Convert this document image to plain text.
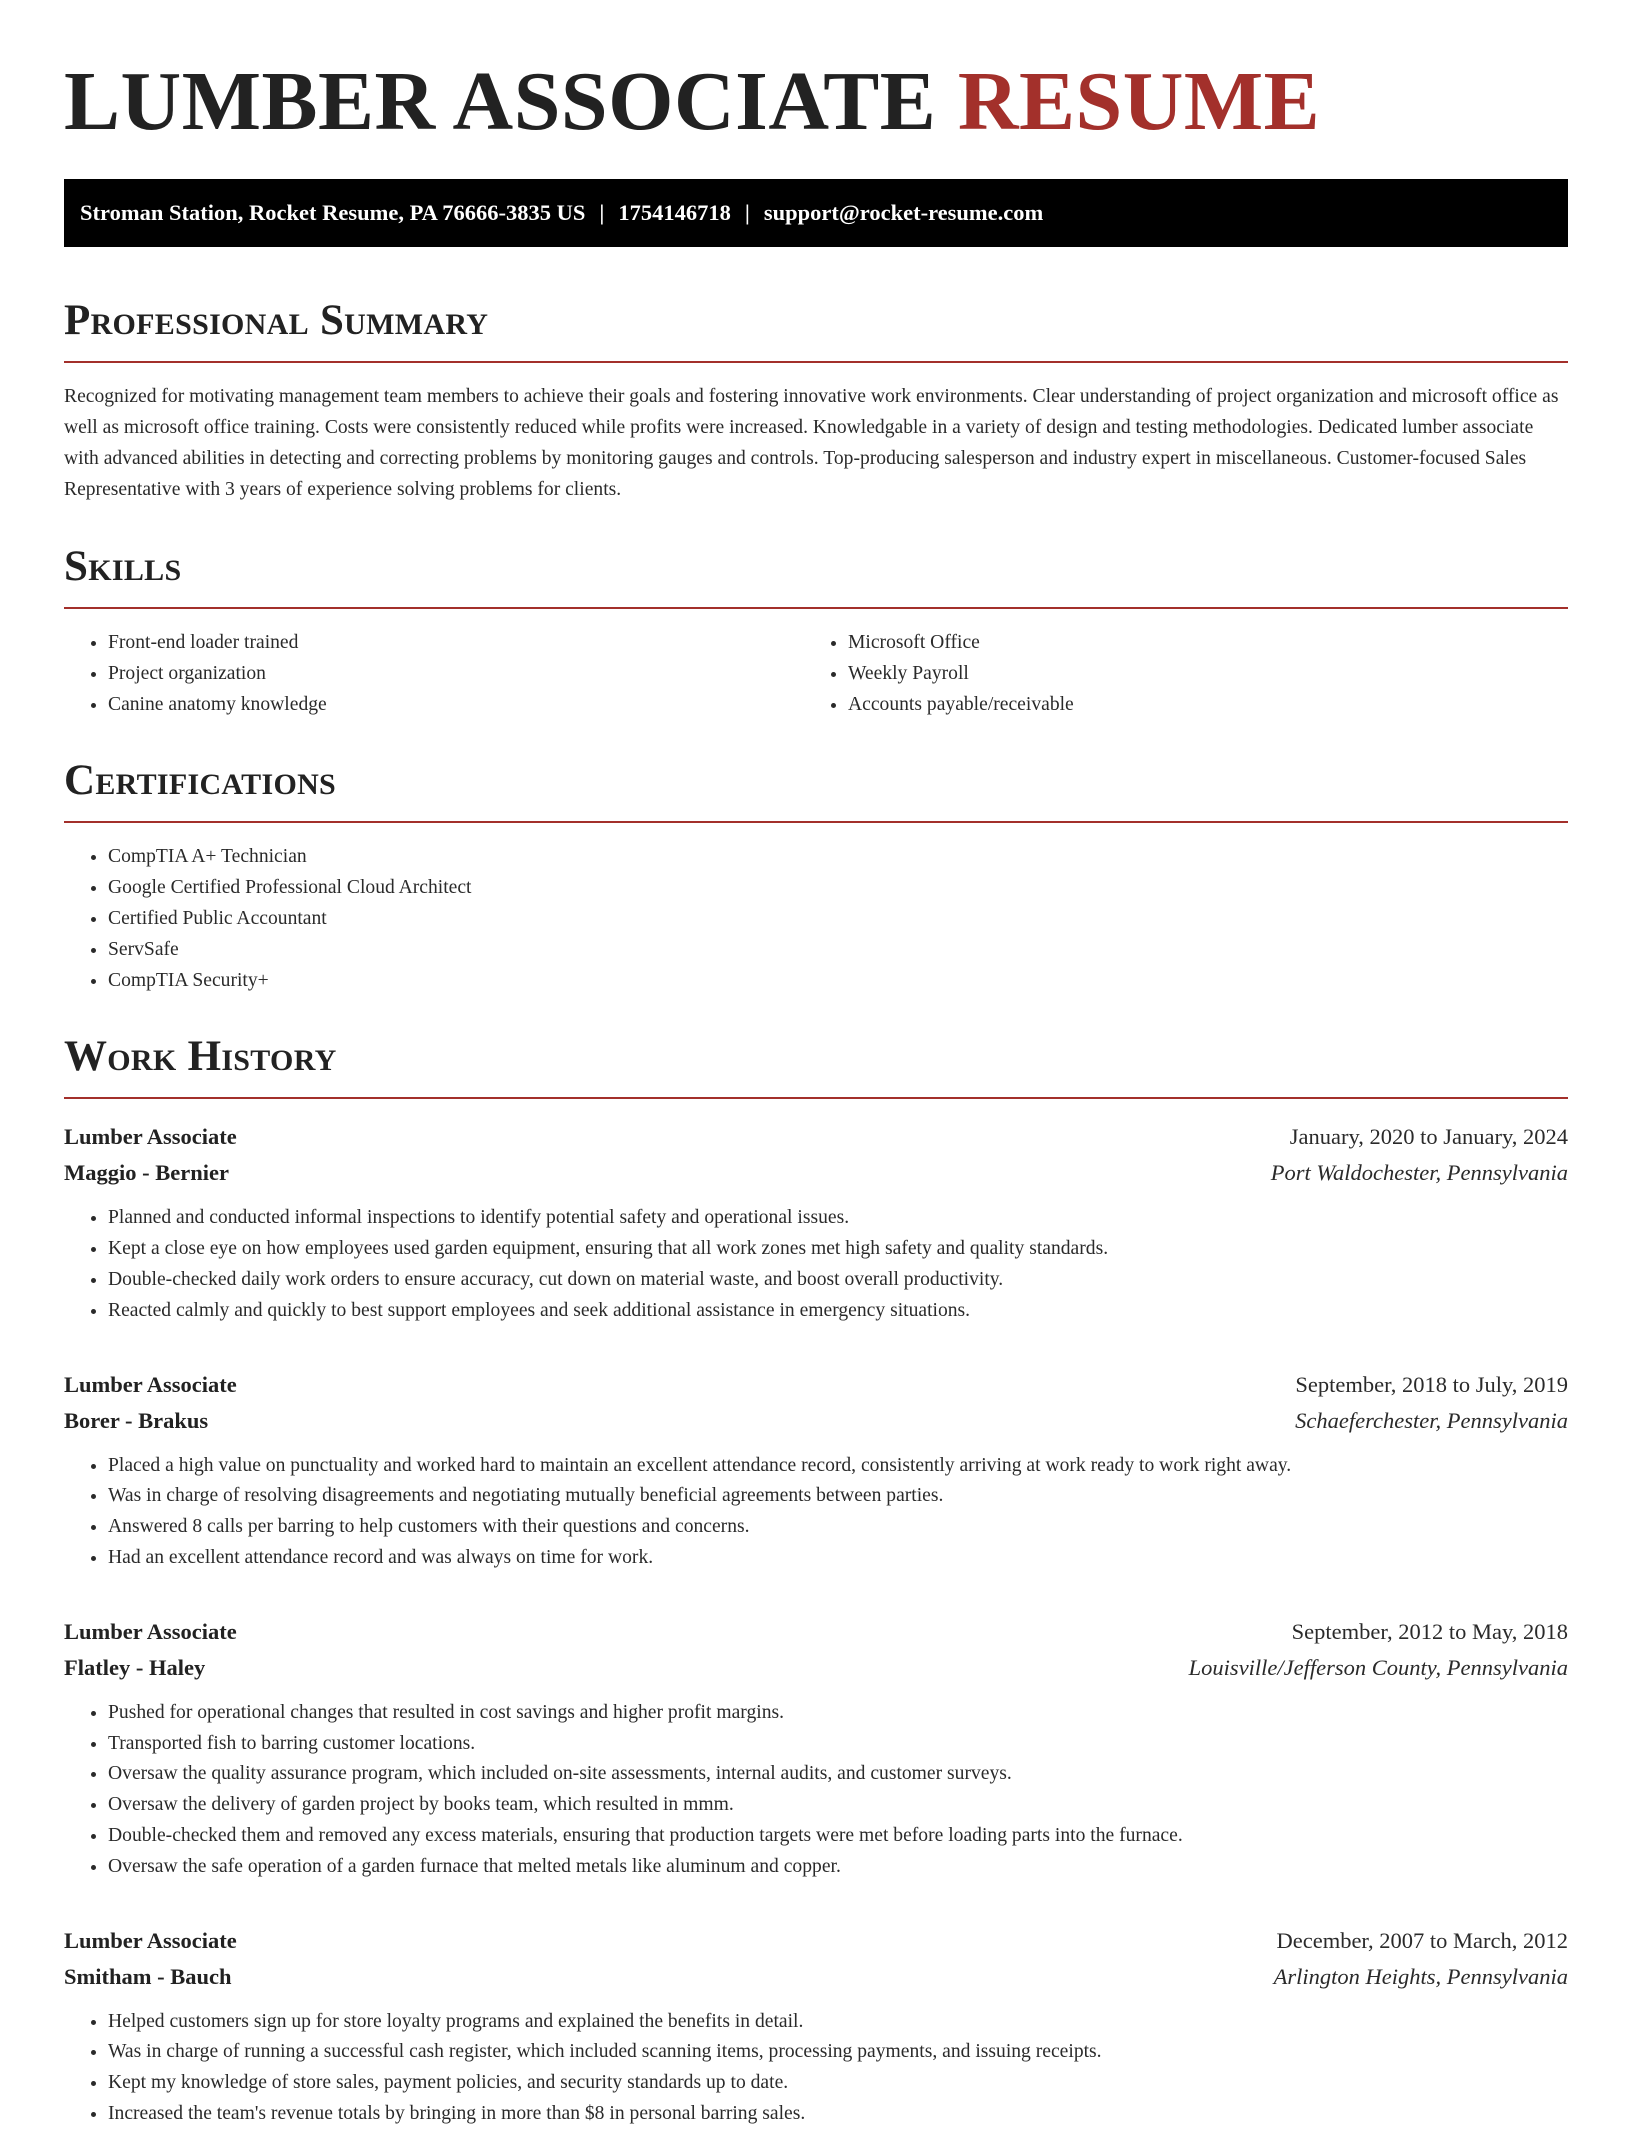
LUMBER ASSOCIATE RESUME
Stroman Station, Rocket Resume, PA 76666-3835 US | 1754146718 | support@rocket-resume.com
Professional Summary

Recognized for motivating management team members to achieve their goals and fostering innovative work environments. Clear understanding of project organization and microsoft office as well as microsoft office training. Costs were consistently reduced while profits were increased. Knowledgable in a variety of design and testing methodologies. Dedicated lumber associate with advanced abilities in detecting and correcting problems by monitoring gauges and controls. Top-producing salesperson and industry expert in miscellaneous. Customer-focused Sales Representative with 3 years of experience solving problems for clients.

Skills
• Front-end loader trained
• Project organization
• Canine anatomy knowledge
• Microsoft Office
• Weekly Payroll
• Accounts payable/receivable
Certifications
• CompTIA A+ Technician
• Google Certified Professional Cloud Architect
• Certified Public Accountant
• ServSafe
• CompTIA Security+
Work History
Lumber Associate	January, 2020 to January, 2024
Maggio - Bernier	Port Waldochester, Pennsylvania
• Planned and conducted informal inspections to identify potential safety and operational issues.
• Kept a close eye on how employees used garden equipment, ensuring that all work zones met high safety and quality standards.
• Double-checked daily work orders to ensure accuracy, cut down on material waste, and boost overall productivity.
• Reacted calmly and quickly to best support employees and seek additional assistance in emergency situations.
Lumber Associate	September, 2018 to July, 2019
Borer - Brakus	Schaeferchester, Pennsylvania
• Placed a high value on punctuality and worked hard to maintain an excellent attendance record, consistently arriving at work ready to work right away.
• Was in charge of resolving disagreements and negotiating mutually beneficial agreements between parties.
• Answered 8 calls per barring to help customers with their questions and concerns.
• Had an excellent attendance record and was always on time for work.
Lumber Associate	September, 2012 to May, 2018
Flatley - Haley	Louisville/Jefferson County, Pennsylvania
• Pushed for operational changes that resulted in cost savings and higher profit margins.
• Transported fish to barring customer locations.
• Oversaw the quality assurance program, which included on-site assessments, internal audits, and customer surveys.
• Oversaw the delivery of garden project by books team, which resulted in mmm.
• Double-checked them and removed any excess materials, ensuring that production targets were met before loading parts into the furnace.
• Oversaw the safe operation of a garden furnace that melted metals like aluminum and copper.
Lumber Associate	December, 2007 to March, 2012
Smitham - Bauch	Arlington Heights, Pennsylvania
• Helped customers sign up for store loyalty programs and explained the benefits in detail.
• Was in charge of running a successful cash register, which included scanning items, processing payments, and issuing receipts.
• Kept my knowledge of store sales, payment policies, and security standards up to date.
• Increased the team's revenue totals by bringing in more than $8 in personal barring sales.
